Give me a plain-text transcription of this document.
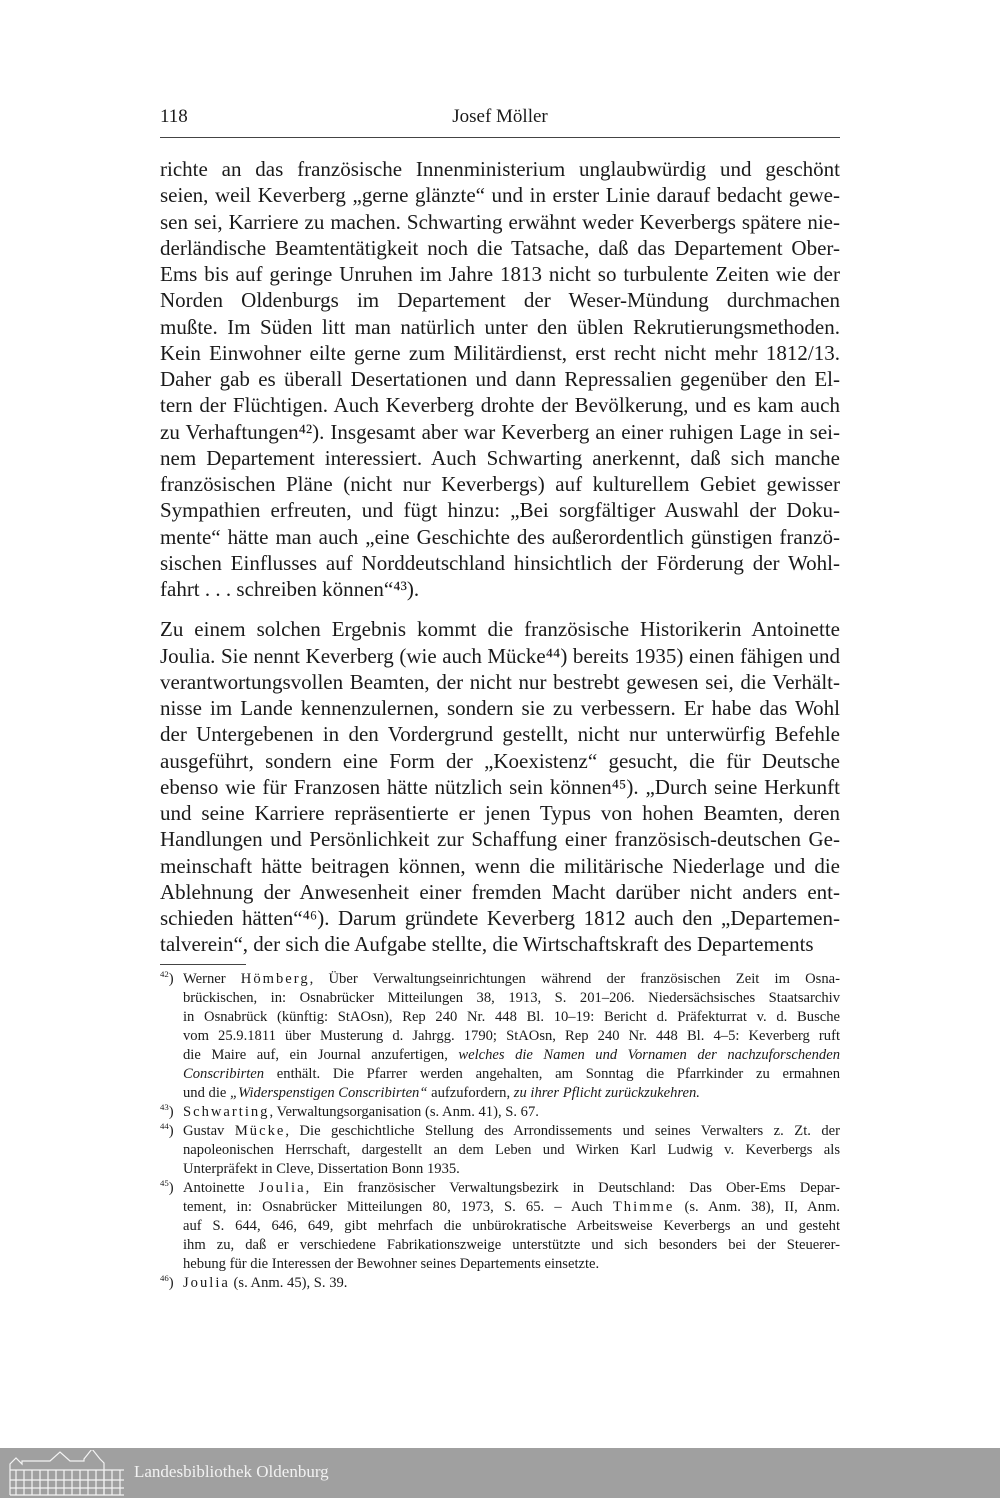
118	Josef Möller
richte an das französische Innenministerium unglaubwürdig und geschönt
seien, weil Keverberg „gerne glänzte“ und in erster Linie darauf bedacht gewe-
sen sei, Karriere zu machen. Schwarting erwähnt weder Keverbergs spätere nie-
derländische Beamtentätigkeit noch die Tatsache, daß das Departement Ober-
Ems bis auf geringe Unruhen im Jahre 1813 nicht so turbulente Zeiten wie der
Norden Oldenburgs im Departement der Weser-Mündung durchmachen
mußte. Im Süden litt man natürlich unter den üblen Rekrutierungsmethoden.
Kein Einwohner eilte gerne zum Militärdienst, erst recht nicht mehr 1812/13.
Daher gab es überall Desertationen und dann Repressalien gegenüber den El-
tern der Flüchtigen. Auch Keverberg drohte der Bevölkerung, und es kam auch
zu Verhaftungen⁴²). Insgesamt aber war Keverberg an einer ruhigen Lage in sei-
nem Departement interessiert. Auch Schwarting anerkennt, daß sich manche
französischen Pläne (nicht nur Keverbergs) auf kulturellem Gebiet gewisser
Sympathien erfreuten, und fügt hinzu: „Bei sorgfältiger Auswahl der Doku-
mente“ hätte man auch „eine Geschichte des außerordentlich günstigen franzö-
sischen Einflusses auf Norddeutschland hinsichtlich der Förderung der Wohl-
fahrt . . . schreiben können“⁴³).
Zu einem solchen Ergebnis kommt die französische Historikerin Antoinette
Joulia. Sie nennt Keverberg (wie auch Mücke⁴⁴) bereits 1935) einen fähigen und
verantwortungsvollen Beamten, der nicht nur bestrebt gewesen sei, die Verhält-
nisse im Lande kennenzulernen, sondern sie zu verbessern. Er habe das Wohl
der Untergebenen in den Vordergrund gestellt, nicht nur unterwürfig Befehle
ausgeführt, sondern eine Form der „Koexistenz“ gesucht, die für Deutsche
ebenso wie für Franzosen hätte nützlich sein können⁴⁵). „Durch seine Herkunft
und seine Karriere repräsentierte er jenen Typus von hohen Beamten, deren
Handlungen und Persönlichkeit zur Schaffung einer französisch-deutschen Ge-
meinschaft hätte beitragen können, wenn die militärische Niederlage und die
Ablehnung der Anwesenheit einer fremden Macht darüber nicht anders ent-
schieden hätten“⁴⁶). Darum gründete Keverberg 1812 auch den „Departemen-
talverein“, der sich die Aufgabe stellte, die Wirtschaftskraft des Departements
$^{42}$) Werner Hömberg, Über Verwaltungseinrichtungen während der französischen Zeit im Osna-
brückischen, in: Osnabrücker Mitteilungen 38, 1913, S. 201–206. Niedersächsisches Staatsarchiv
in Osnabrück (künftig: StAOsn), Rep 240 Nr. 448 Bl. 10–19: Bericht d. Präfekturrat v. d. Busche
vom 25.9.1811 über Musterung d. Jahrgg. 1790; StAOsn, Rep 240 Nr. 448 Bl. 4–5: Keverberg ruft
die Maire auf, ein Journal anzufertigen, welches die Namen und Vornamen der nachzuforschenden
Conscribirten enthält. Die Pfarrer werden angehalten, am Sonntag die Pfarrkinder zu ermahnen
und die „Widerspenstigen Conscribirten“ aufzufordern, zu ihrer Pflicht zurückzukehren.
$^{43}$) Schwarting, Verwaltungsorganisation (s. Anm. 41), S. 67.
$^{44}$) Gustav Mücke, Die geschichtliche Stellung des Arrondissements und seines Verwalters z. Zt. der
napoleonischen Herrschaft, dargestellt an dem Leben und Wirken Karl Ludwig v. Keverbergs als
Unterpräfekt in Cleve, Dissertation Bonn 1935.
$^{45}$) Antoinette Joulia, Ein französischer Verwaltungsbezirk in Deutschland: Das Ober-Ems Depar-
tement, in: Osnabrücker Mitteilungen 80, 1973, S. 65. – Auch Thimme (s. Anm. 38), II, Anm.
auf S. 644, 646, 649, gibt mehrfach die unbürokratische Arbeitsweise Keverbergs an und gesteht
ihm zu, daß er verschiedene Fabrikationszweige unterstützte und sich besonders bei der Steuerer-
hebung für die Interessen der Bewohner seines Departements einsetzte.
$^{46}$) Joulia (s. Anm. 45), S. 39.
Landesbibliothek Oldenburg
